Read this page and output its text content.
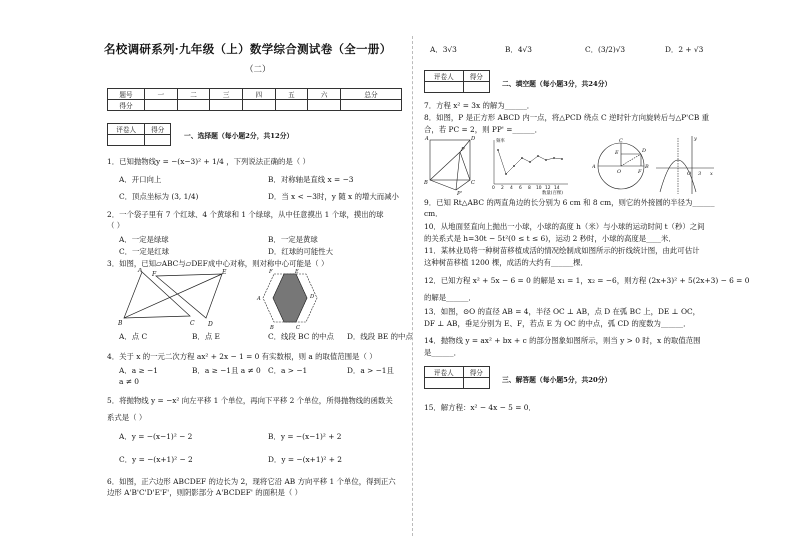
名校调研系列·九年级（上）数学综合测试卷（全一册）
（二）
题号	一	二	三	四	五	六	总分
得分							
评卷人	得分

一、选择题（每小题2分，共12分）
1．已知抛物线y = −(x−3)² + 1/4 ，下列说法正确的是（ ）
A．开口向上	B．对称轴是直线 x = −3
C．顶点坐标为 (3, 1/4)	D．当 x < −3时，y 随 x 的增大而减小
2．一个袋子里有 7 个红球、4 个黄球和 1 个绿球，从中任意摸出 1 个球，摸出的球
（ ）
A．一定是绿球	B．一定是黄球
C．一定是红球	D．红球的可能性大
3．如图，已知▱ABC与▱DEF成中心对称，则对称中心可能是（ ）
A
B	C D
E
F	F	E
A	D
B	C
A．点 C	B．点 E	C．线段 BC 的中点 D．线段 BE 的中点
4．关于 x 的一元二次方程 ax² + 2x − 1 = 0 有实数根，则 a 的取值范围是（ ）
A．a ≥ −1	B．a ≥ −1且 a ≠ 0 C．a > −1	D．a > −1且
a ≠ 0
5．将抛物线 y = −x² 向左平移 1 个单位，再向下平移 2 个单位，所得抛物线的函数关
系式是（ ）
A．y = −(x−1)² − 2	B．y = −(x−1)² + 2
C．y = −(x+1)² − 2	D．y = −(x+1)² + 2
6．如图，正六边形 ABCDEF 的边长为 2，现将它沿 AB 方向平移 1 个单位，得到正六
边形 A'B'C'D'E'F'，则阴影部分 A'BCDEF' 的面积是（ ）
A．3√3	B．4√3	C．(3/2)√3	D．2 + √3
评卷人	得分

二、填空题（每小题3分，共24分）
7．方程 x² = 3x 的解为______．
8．如图，P 是正方形 ABCD 内一点，将△PCD 绕点 C 逆时针方向旋转后与△P'CB 重
合，若 PC = 2，则 PP' =______．
A	D
P
B	C
P'
频率
数量(百棵)
0 2 4 6 8 10 12 14
C
E	D
A
O	F
B
y
x
O 3
9．已知 Rt△ABC 的两直角边的长分别为 6 cm 和 8 cm，则它的外接圆的半径为______
cm．
10．从地面竖直向上抛出一小球，小球的高度 h（米）与小球的运动时间 t（秒）之间
的关系式是 h=30t − 5t²(0 ≤ t ≤ 6)，运动 2 秒时，小球的高度是____米．
11．某林业局将一种树苗移植成活的情况绘制成如图所示的折线统计图，由此可估计
这种树苗移植 1200 棵，成活的大约有______棵．
12．已知方程 x² + 5x − 6 = 0 的解是 x₁ = 1，x₂ = −6，则方程 (2x+3)² + 5(2x+3) − 6 = 0
的解是______．
13．如图，⊙O 的直径 AB = 4，半径 OC ⊥ AB，点 D 在弧 BC 上，DE ⊥ OC，
DF ⊥ AB，垂足分别为 E、F，若点 E 为 OC 的中点，弧 CD 的度数为______．
14．抛物线 y = ax² + bx + c 的部分图象如图所示，则当 y > 0 时，x 的取值范围
是______．
评卷人	得分

三、解答题（每小题5分，共20分）
15．解方程：x² − 4x − 5 = 0．
